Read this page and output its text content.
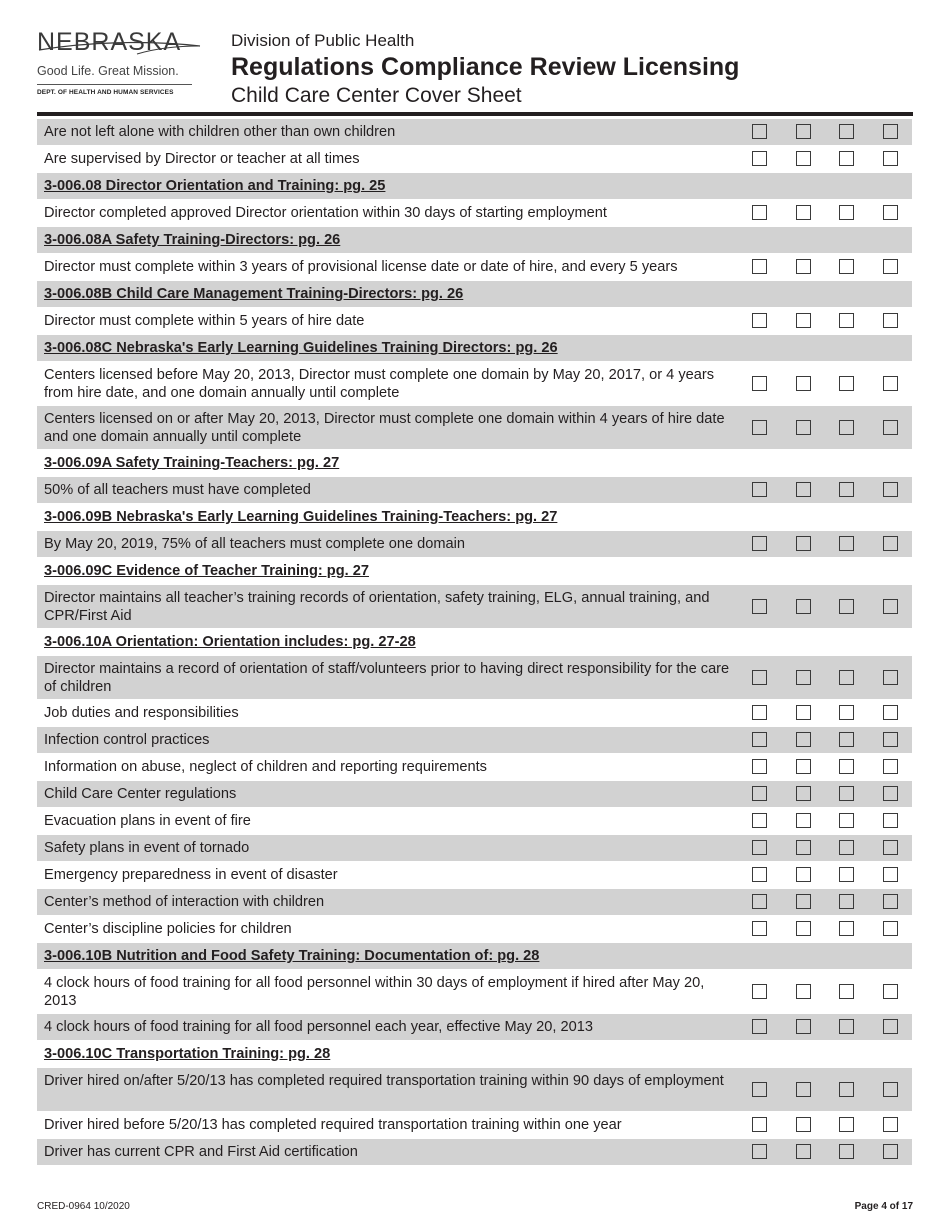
NEBRASKA
Good Life. Great Mission.
DEPT. OF HEALTH AND HUMAN SERVICES
Division of Public Health
Regulations Compliance Review Licensing
Child Care Center Cover Sheet
Are not left alone with children other than own children
Are supervised by Director or teacher at all times
3-006.08 Director Orientation and Training: pg. 25
Director completed approved Director orientation within 30 days of starting employment
3-006.08A Safety Training-Directors: pg. 26
Director must complete within 3 years of provisional license date or date of hire, and every 5 years
3-006.08B Child Care Management Training-Directors: pg. 26
Director must complete within 5 years of hire date
3-006.08C Nebraska's Early Learning Guidelines Training Directors: pg. 26
Centers licensed before May 20, 2013, Director must complete one domain by May 20, 2017, or 4 years from hire date, and one domain annually until complete
Centers licensed on or after May 20, 2013, Director must complete one domain within 4 years of hire date and one domain annually until complete
3-006.09A Safety Training-Teachers: pg. 27
50% of all teachers must have completed
3-006.09B Nebraska's Early Learning Guidelines Training-Teachers: pg. 27
By May 20, 2019, 75% of all teachers must complete one domain
3-006.09C Evidence of Teacher Training: pg. 27
Director maintains all teacher’s training records of orientation, safety training, ELG, annual training, and CPR/First Aid
3-006.10A Orientation: Orientation includes: pg. 27-28
Director maintains a record of orientation of staff/volunteers prior to having direct responsibility for the care of children
Job duties and responsibilities
Infection control practices
Information on abuse, neglect of children and reporting requirements
Child Care Center regulations
Evacuation plans in event of fire
Safety plans in event of tornado
Emergency preparedness in event of disaster
Center’s method of interaction with children
Center’s discipline policies for children
3-006.10B Nutrition and Food Safety Training: Documentation of: pg. 28
4 clock hours of food training for all food personnel within 30 days of employment if hired after May 20, 2013
4 clock hours of food training for all food personnel each year, effective May 20, 2013
3-006.10C Transportation Training: pg. 28
Driver hired on/after 5/20/13 has completed required transportation training within 90 days of employment
Driver hired before 5/20/13 has completed required transportation training within one year
Driver has current CPR and First Aid certification
CRED-0964 10/2020	Page 4 of 17
